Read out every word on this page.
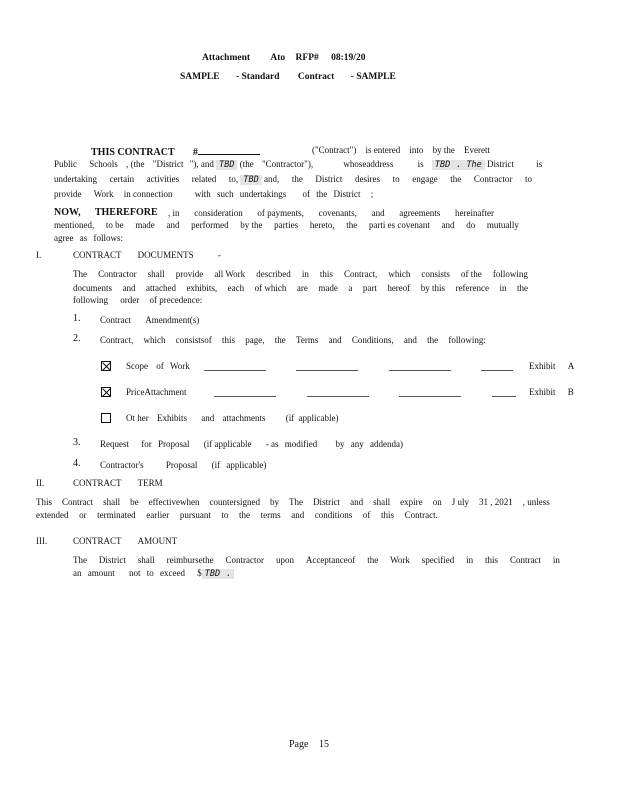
Attachment Ato RFP# 08:19/20
SAMPLE - Standard Contract - SAMPLE
THIS CONTRACT #	("Contract") is entered into by the Everett
Public Schools , (the "District "), and TBD (the "Contractor"),	whoseaddress	is TBD . The District is
undertaking certain activities related to, TBD and, the District desires to engage the Contractor to
provide Work in connection with such undertakings of the District ;
NOW, THEREFORE , in consideration of payments, covenants, and agreements hereinafter
mentioned, to be made and performed by the parties hereto, the parti es covenant and do mutually
agree as follows:
I.	CONTRACT DOCUMENTS	-
The Contractor shall provide all Work described in this Contract, which consists of the following
documents and attached exhibits, each of which are made a part hereof by this reference in the
following order of precedence:
1. Contract Amendment(s)
2. Contract, which consistsof this page, the Terms and Conditions, and the following:
Scope of Work	Exhibit A
PriceAttachment	Exhibit B
Ot her Exhibits and attachments (if applicable)
3. Request for Proposal (if applicable - as modified by any addenda)
4. Contractor's Proposal (if applicable)
II.	CONTRACT TERM
This Contract shall be effectivewhen countersigned by The District and shall expire on J uly 31 , 2021 , unless
extended or terminated earlier pursuant to the terms and conditions of this Contract.
III.	CONTRACT AMOUNT
The District shall reimbursethe Contractor upon Acceptanceof the Work specified in this Contract in
an amount not to exceed $ TBD .
Page 15
